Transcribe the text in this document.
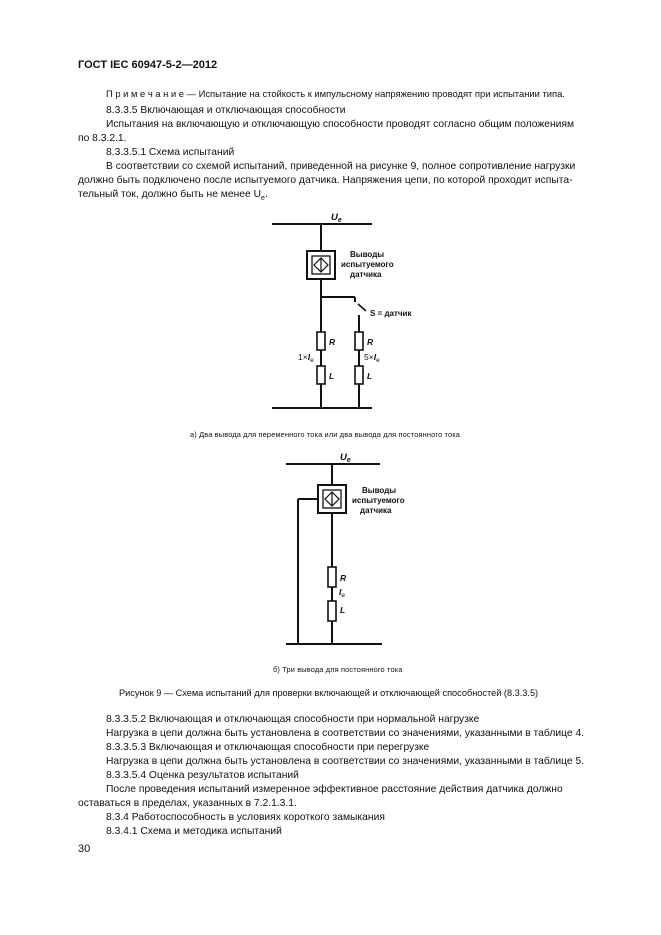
ГОСТ IEC 60947-5-2—2012
П р и м е ч а н и е — Испытание на стойкость к импульсному напряжению проводят при испытании типа.
8.3.3.5 Включающая и отключающая способности
Испытания на включающую и отключающую способности проводят согласно общим положениям
по 8.3.2.1.
8.3.3.5.1 Схема испытаний
В соответствии со схемой испытаний, приведенной на рисунке 9, полное сопротивление нагрузки
должно быть подключено после испытуемого датчика. Напряжения цепи, по которой проходит испыта-
тельный ток, должно быть не менее $U_e$.
$U_e$
Выводы
испытуемого
датчика
S = датчик
R	R
L	L
$1\times I_e$	$5\times I_e$
а) Два вывода для переменного тока или два вывода для постоянного тока
$U_e$
Выводы
испытуемого
датчика
R
$I_e$
L
б) Три вывода для постоянного тока
Рисунок 9 — Схема испытаний для проверки включающей и отключающей способностей (8.3.3.5)
8.3.3.5.2 Включающая и отключающая способности при нормальной нагрузке
Нагрузка в цепи должна быть установлена в соответствии со значениями, указанными в таблице 4.
8.3.3.5.3 Включающая и отключающая способности при перегрузке
Нагрузка в цепи должна быть установлена в соответствии со значениями, указанными в таблице 5.
8.3.3.5.4 Оценка результатов испытаний
После проведения испытаний измеренное эффективное расстояние действия датчика должно
оставаться в пределах, указанных в 7.2.1.3.1.
8.3.4 Работоспособность в условиях короткого замыкания
8.3.4.1 Схема и методика испытаний
30
